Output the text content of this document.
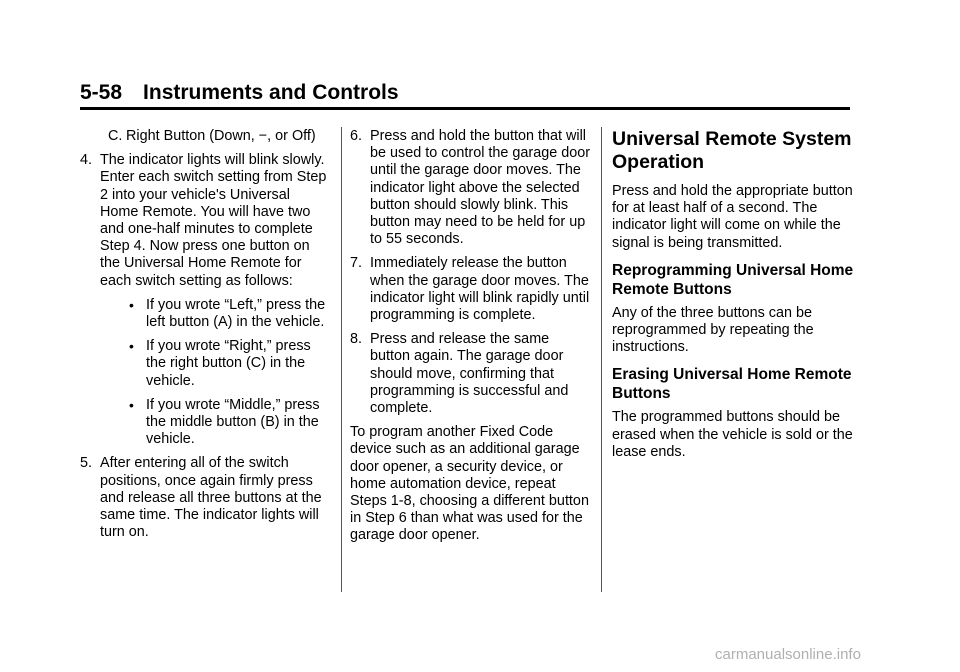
5-58 Instruments and Controls
C. Right Button (Down, −, or Off)
4. The indicator lights will blink slowly. Enter each switch setting from Step 2 into your vehicle's Universal Home Remote. You will have two and one-half minutes to complete Step 4. Now press one button on the Universal Home Remote for each switch setting as follows:
• If you wrote “Left,” press the left button (A) in the vehicle.
• If you wrote “Right,” press the right button (C) in the vehicle.
• If you wrote “Middle,” press the middle button (B) in the vehicle.
5. After entering all of the switch positions, once again firmly press and release all three buttons at the same time. The indicator lights will turn on.
6. Press and hold the button that will be used to control the garage door until the garage door moves. The indicator light above the selected button should slowly blink. This button may need to be held for up to 55 seconds.
7. Immediately release the button when the garage door moves. The indicator light will blink rapidly until programming is complete.
8. Press and release the same button again. The garage door should move, confirming that programming is successful and complete.
To program another Fixed Code device such as an additional garage door opener, a security device, or home automation device, repeat Steps 1-8, choosing a different button in Step 6 than what was used for the garage door opener.
Universal Remote System Operation
Press and hold the appropriate button for at least half of a second. The indicator light will come on while the signal is being transmitted.
Reprogramming Universal Home Remote Buttons
Any of the three buttons can be reprogrammed by repeating the instructions.
Erasing Universal Home Remote Buttons
The programmed buttons should be erased when the vehicle is sold or the lease ends.
carmanualsonline.info
